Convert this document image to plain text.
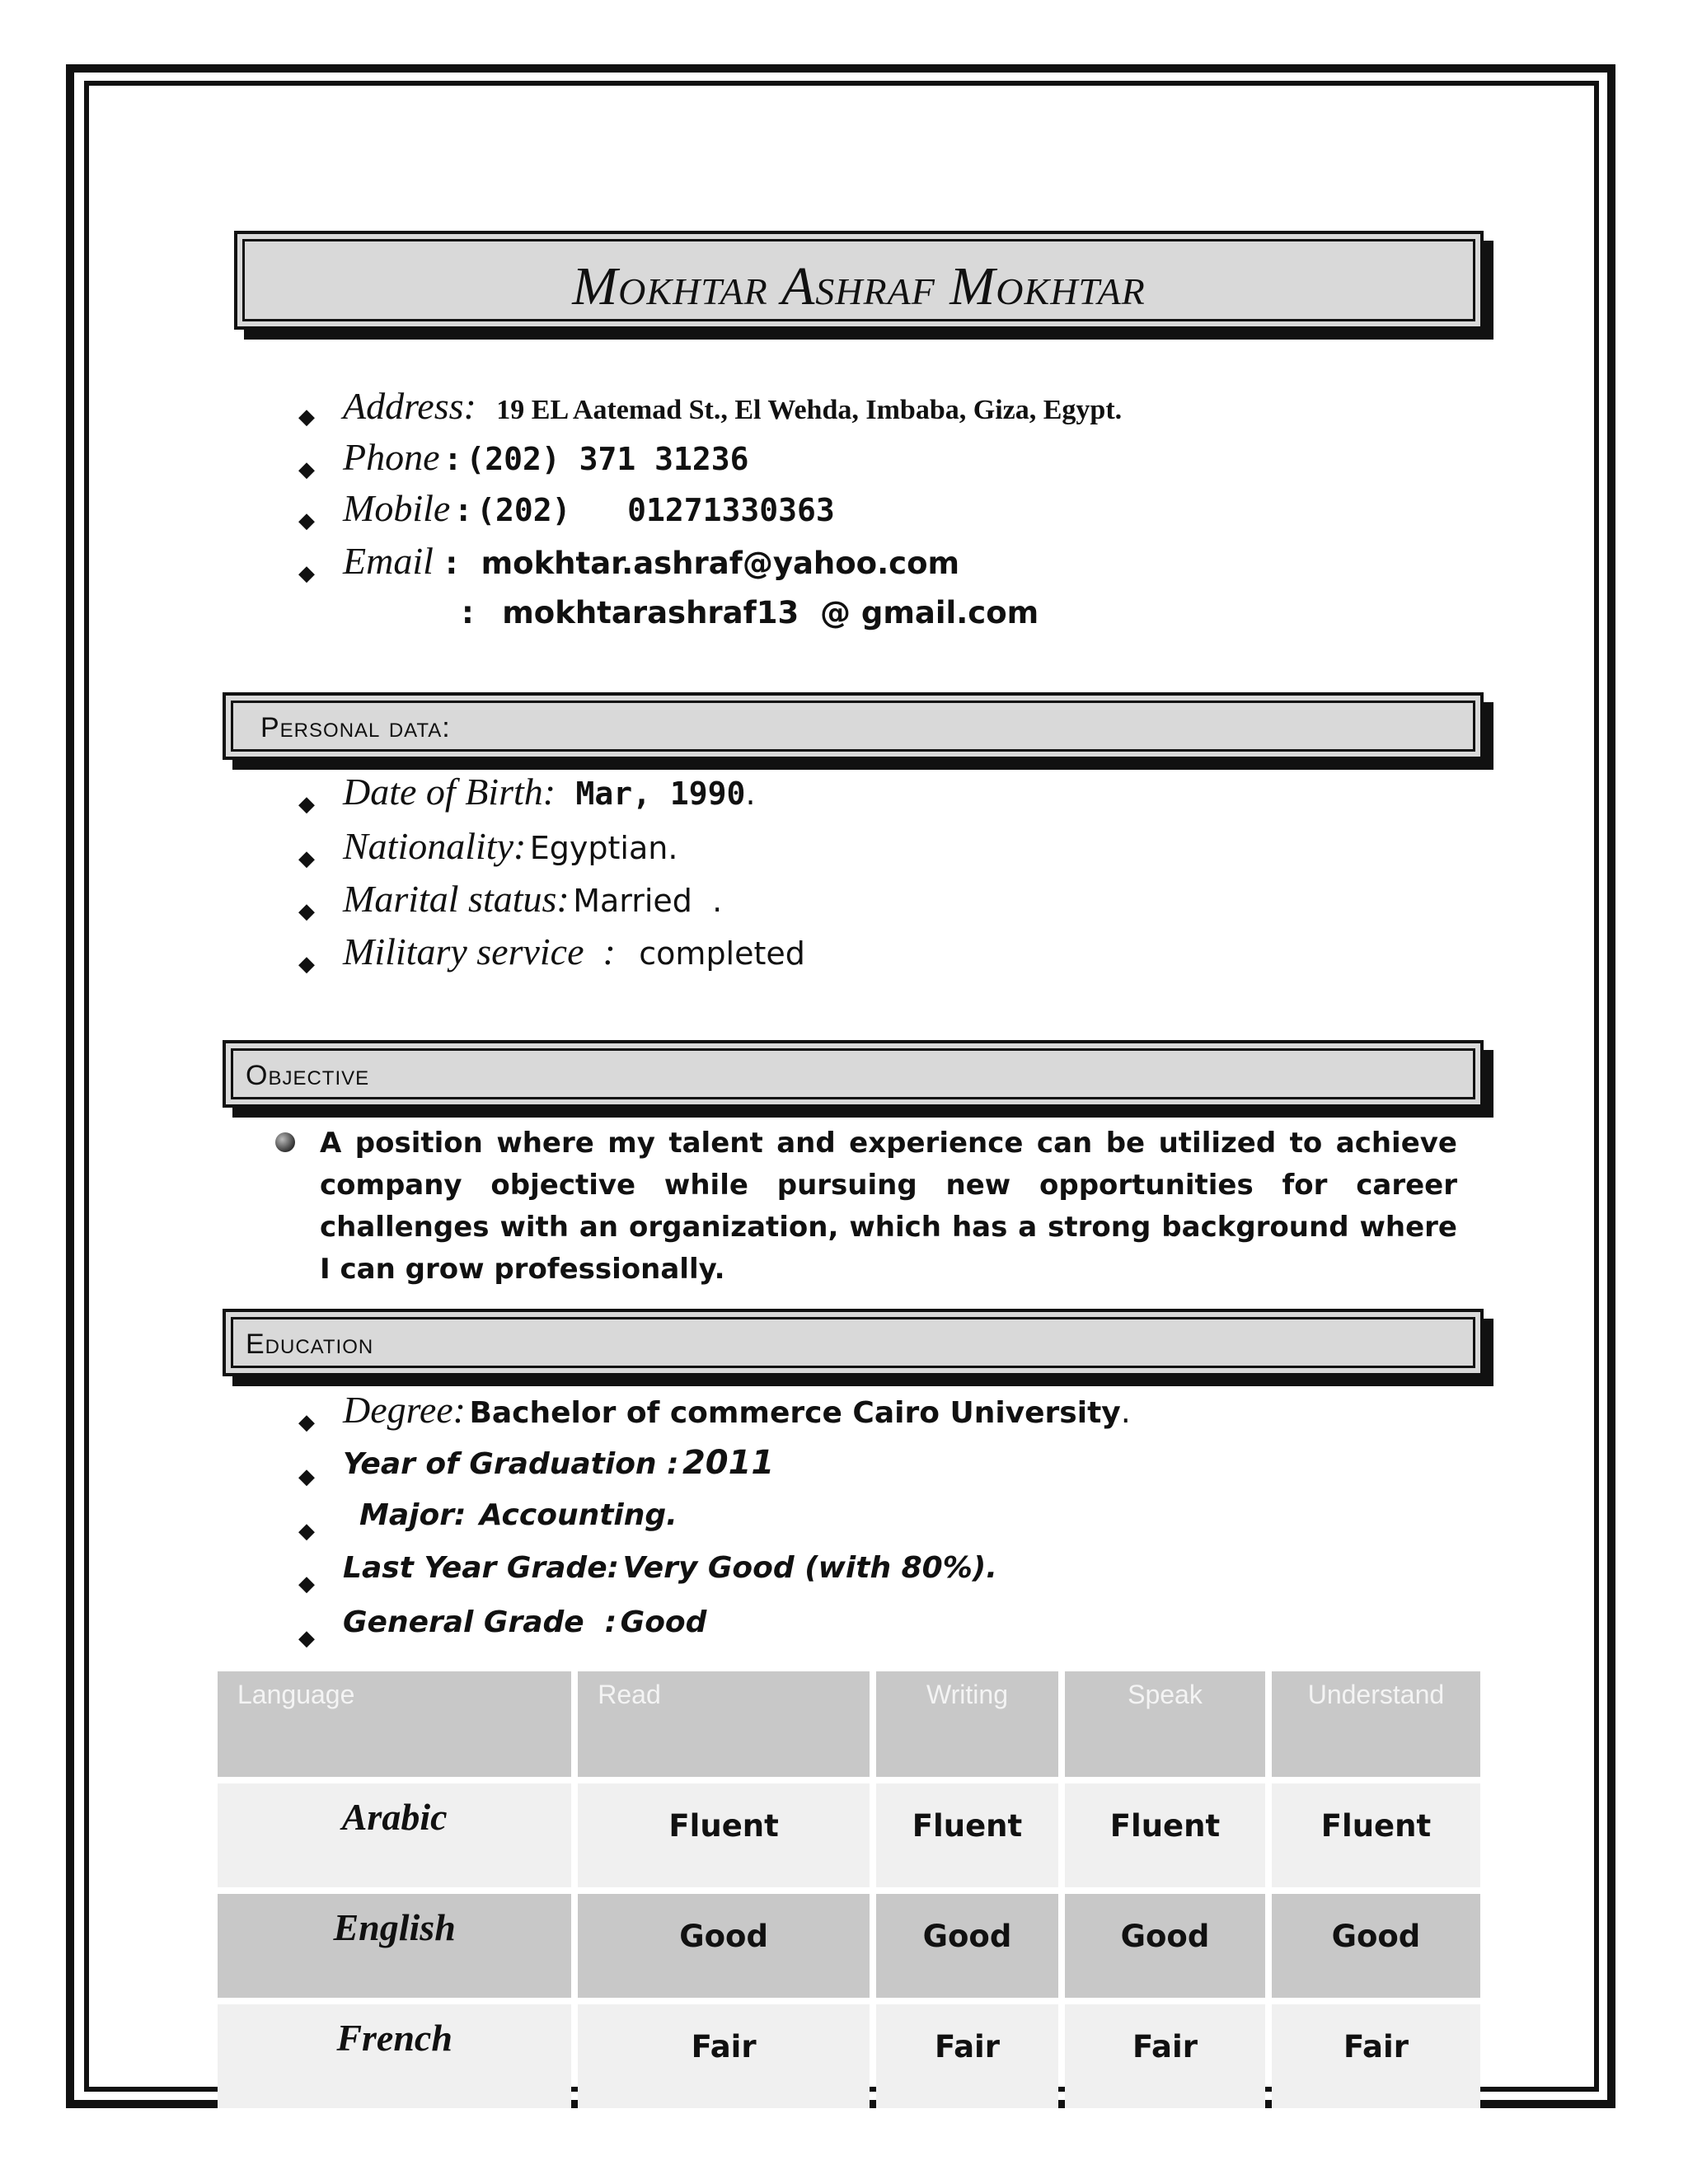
Mokhtar Ashraf Mokhtar
◆ Address: 19 EL Aatemad St., El Wehda, Imbaba, Giza, Egypt.
◆ Phone : (202) 371 31236
◆ Mobile : (202)   01271330363
◆ Email : mokhtar.ashraf@yahoo.com
: mokhtarashraf13  @ gmail.com
Personal data:
◆ Date of Birth: Mar, 1990.
◆ Nationality: Egyptian.
◆ Marital status: Married  .
◆ Military service  : completed
Objective
A position where my talent and experience can be utilized to achieve company objective while pursuing new opportunities for career challenges with an organization, which has a strong background where I can grow professionally.
Education
◆ Degree: Bachelor of commerce Cairo University.
◆ Year of Graduation : 2011
◆ Major: Accounting.
◆ Last Year Grade: Very Good (with 80%).
◆ General Grade  : Good
Language	Read	Writing	Speak	Understand
Arabic	Fluent	Fluent	Fluent	Fluent
English	Good	Good	Good	Good
French	Fair	Fair	Fair	Fair
